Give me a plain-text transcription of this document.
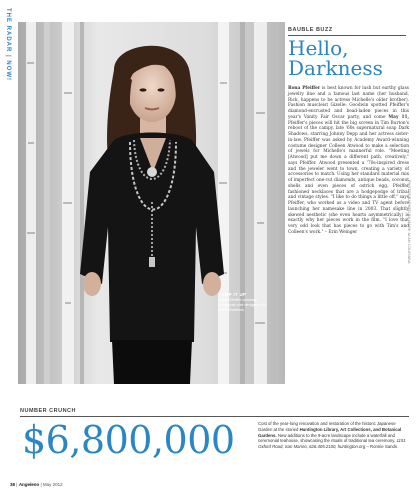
THE RADAR | NOW!
VAMP IT UP
Rona Pfeiffer wearing necklaces she designed for Dark Shadows
BAUBLE BUZZ
Hello,
Darkness

Rona Pfeiffer is best known for lush but earthy glass jewelry line and a famous last name (her husband, Rick, happens to be actress Michelle's older brother). Fashion muscleist Gizelle: Goodwin spotted Pfeiffer's diamond-encrusted and bead-laden pieces in this year's Vanity Fair Oscar party, and come May 11, Pfeiffer's pieces will hit the big screen in Tim Burton's reboot of the campy, late '60s supernatural soap Dark Shadows, starring Johnny Depp and her actress sister-in-law. Pfeiffer was asked by Academy Award-winning costume designer Colleen Atwood to make a selection of jewels for Michelle's mannerful role. "Meeting [Atwood] put me down a different path, creatively," says Pfeiffer. Atwood presented a '70s-inspired dress and the jeweler went to town, creating a variety of accessories to match. Using her standard material mix of imperfect one-cut diamonds, antique beads, coconut shells and even pieces of ostrich egg, Pfeiffer fashioned necklaces that are a hodgepodge of tribal and vintage styles. "I like to do things a little off," says Pfeiffer, who worked as a video and TV agent before launching her namesake line in 2003. That slightly skewed aesthetic (she even hearts asymmetrically) is exactly why her pieces work in the film. "I love that very odd look that has pieces to go with Tim's and Colleen's work." – Erin Weinger

NUMBER CRUNCH
$6,800,000	Cost of the year-long renovation and restoration of the historic Japanese Garden at the storied Huntington Library, Art Collections, and Botanical Gardens. New additions to the 9-acre landscape include a waterfall and ceremonial teahouse, showcasing the rituals of traditional tea ceremony. 1151 Oxford Road, San Marino, 626.405.2100, huntington.org – Ronnie Sands
38 | Angeleno | May 2012
PHOTOGRAPHED BY MARK ALAN LOUISANA
